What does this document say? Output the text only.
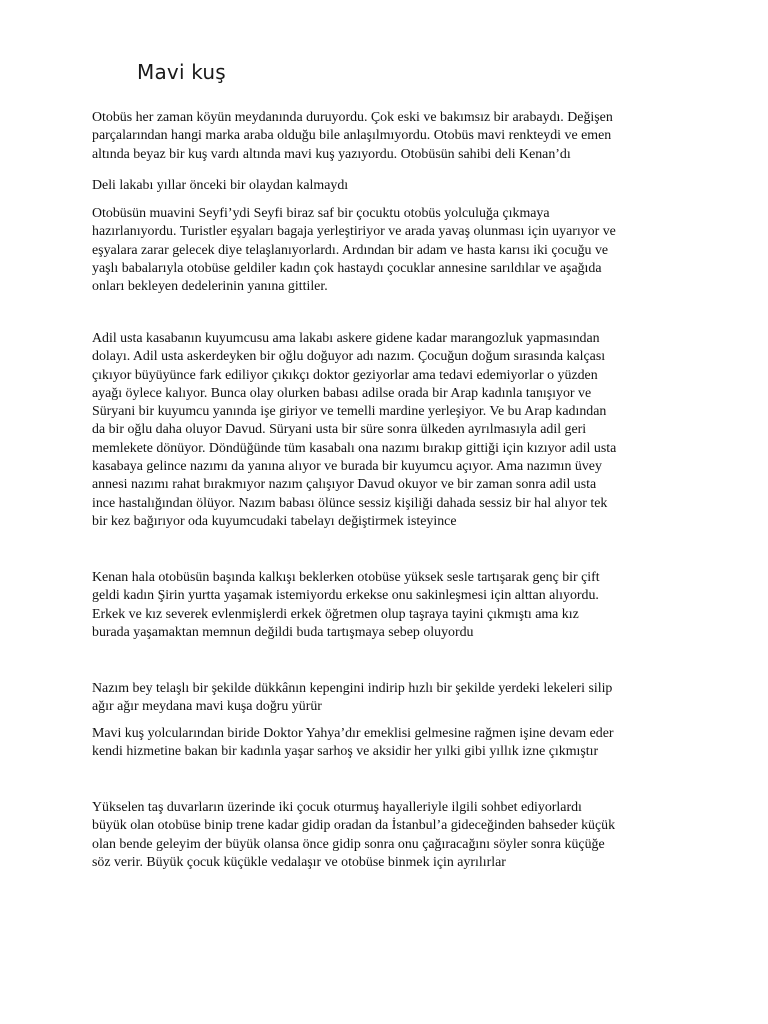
Mavi kuş

Otobüs her zaman köyün meydanında duruyordu. Çok eski ve bakımsız bir arabaydı. Değişen
parçalarından hangi marka araba olduğu bile anlaşılmıyordu. Otobüs mavi renkteydi ve emen
altında beyaz bir kuş vardı altında mavi kuş yazıyordu. Otobüsün sahibi deli Kenan’dı

Deli lakabı yıllar önceki bir olaydan kalmaydı

Otobüsün muavini Seyfi’ydi Seyfi biraz saf bir çocuktu otobüs yolculuğa çıkmaya
hazırlanıyordu. Turistler eşyaları bagaja yerleştiriyor ve arada yavaş olunması için uyarıyor ve
eşyalara zarar gelecek diye telaşlanıyorlardı. Ardından bir adam ve hasta karısı iki çocuğu ve
yaşlı babalarıyla otobüse geldiler kadın çok hastaydı çocuklar annesine sarıldılar ve aşağıda
onları bekleyen dedelerinin yanına gittiler.

Adil usta kasabanın kuyumcusu ama lakabı askere gidene kadar marangozluk yapmasından
dolayı. Adil usta askerdeyken bir oğlu doğuyor adı nazım. Çocuğun doğum sırasında kalçası
çıkıyor büyüyünce fark ediliyor çıkıkçı doktor geziyorlar ama tedavi edemiyorlar o yüzden
ayağı öylece kalıyor. Bunca olay olurken babası adilse orada bir Arap kadınla tanışıyor ve
Süryani bir kuyumcu yanında işe giriyor ve temelli mardine yerleşiyor. Ve bu Arap kadından
da bir oğlu daha oluyor Davud. Süryani usta bir süre sonra ülkeden ayrılmasıyla adil geri
memlekete dönüyor. Döndüğünde tüm kasabalı ona nazımı bırakıp gittiği için kızıyor adil usta
kasabaya gelince nazımı da yanına alıyor ve burada bir kuyumcu açıyor. Ama nazımın üvey
annesi nazımı rahat bırakmıyor nazım çalışıyor Davud okuyor ve bir zaman sonra adil usta
ince hastalığından ölüyor. Nazım babası ölünce sessiz kişiliği dahada sessiz bir hal alıyor tek
bir kez bağırıyor oda kuyumcudaki tabelayı değiştirmek isteyince

Kenan hala otobüsün başında kalkışı beklerken otobüse yüksek sesle tartışarak genç bir çift
geldi kadın Şirin yurtta yaşamak istemiyordu erkekse onu sakinleşmesi için alttan alıyordu.
Erkek ve kız severek evlenmişlerdi erkek öğretmen olup taşraya tayini çıkmıştı ama kız
burada yaşamaktan memnun değildi buda tartışmaya sebep oluyordu

Nazım bey telaşlı bir şekilde dükkânın kepengini indirip hızlı bir şekilde yerdeki lekeleri silip
ağır ağır meydana mavi kuşa doğru yürür

Mavi kuş yolcularından biride Doktor Yahya’dır emeklisi gelmesine rağmen işine devam eder
kendi hizmetine bakan bir kadınla yaşar sarhoş ve aksidir her yılki gibi yıllık izne çıkmıştır

Yükselen taş duvarların üzerinde iki çocuk oturmuş hayalleriyle ilgili sohbet ediyorlardı
büyük olan otobüse binip trene kadar gidip oradan da İstanbul’a gideceğinden bahseder küçük
olan bende geleyim der büyük olansa önce gidip sonra onu çağıracağını söyler sonra küçüğe
söz verir. Büyük çocuk küçükle vedalaşır ve otobüse binmek için ayrılırlar
